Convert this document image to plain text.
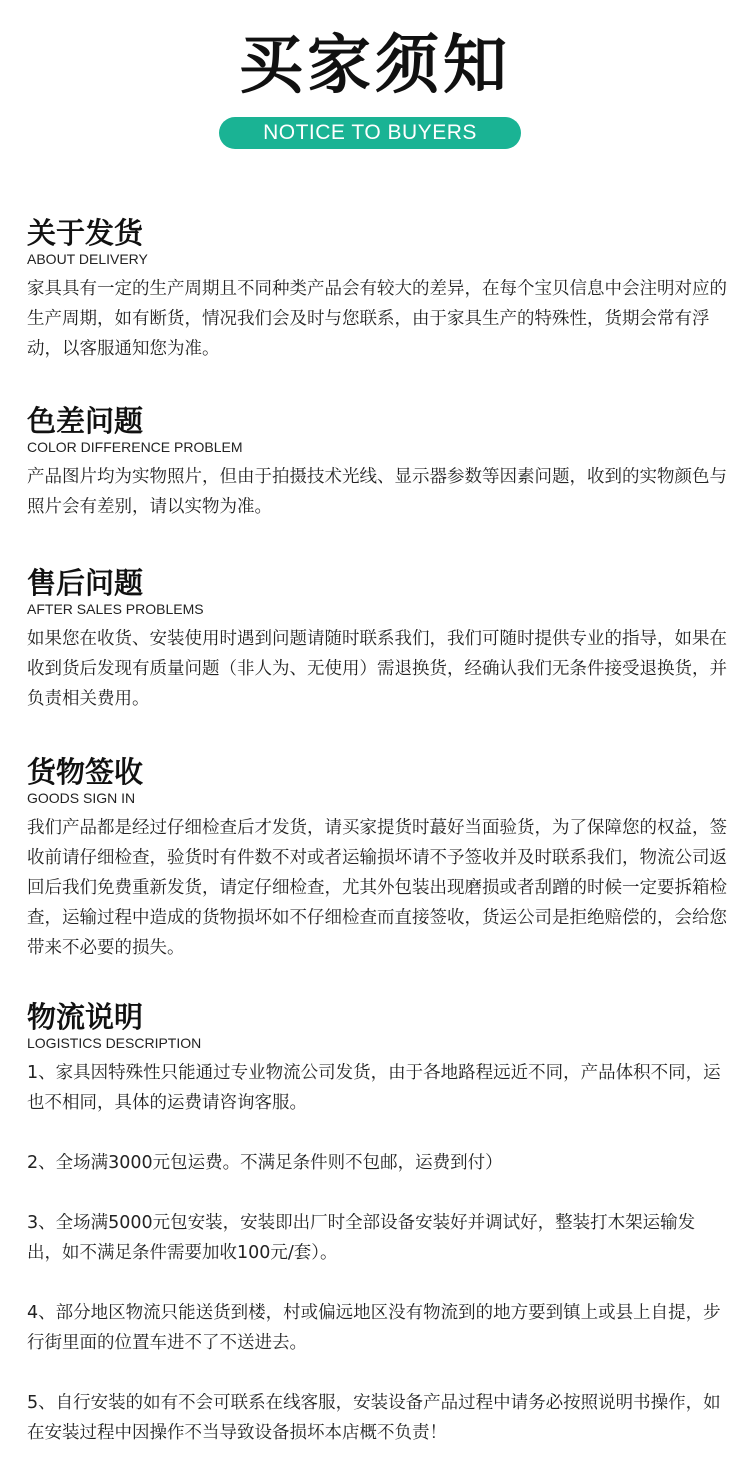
买家须知
NOTICE TO BUYERS
关于发货
ABOUT DELIVERY

家具具有一定的生产周期且不同种类产品会有较大的差异，在每个宝贝信息中会注明对应的生产周期，如有断货，情况我们会及时与您联系，由于家具生产的特殊性，货期会常有浮动，以客服通知您为准。

色差问题
COLOR DIFFERENCE PROBLEM

产品图片均为实物照片，但由于拍摄技术光线、显示器参数等因素问题，收到的实物颜色与照片会有差别，请以实物为准。

售后问题
AFTER SALES PROBLEMS

如果您在收货、安装使用时遇到问题请随时联系我们，我们可随时提供专业的指导，如果在收到货后发现有质量问题（非人为、无使用）需退换货，经确认我们无条件接受退换货，并负责相关费用。

货物签收
GOODS SIGN IN

我们产品都是经过仔细检查后才发货，请买家提货时蕞好当面验货，为了保障您的权益，签收前请仔细检查，验货时有件数不对或者运输损坏请不予签收并及时联系我们，物流公司返回后我们免费重新发货，请定仔细检查，尤其外包装出现磨损或者刮蹭的时候一定要拆箱检查，运输过程中造成的货物损坏如不仔细检查而直接签收，货运公司是拒绝赔偿的，会给您带来不必要的损失。

物流说明
LOGISTICS DESCRIPTION

1、家具因特殊性只能通过专业物流公司发货，由于各地路程远近不同，产品体积不同，运也不相同，具体的运费请咨询客服。

2、全场满3000元包运费。不满足条件则不包邮，运费到付）

3、全场满5000元包安装，安装即出厂时全部设备安装好并调试好，整装打木架运输发出，如不满足条件需要加收100元/套）。

4、部分地区物流只能送货到楼，村或偏远地区没有物流到的地方要到镇上或县上自提，步行街里面的位置车进不了不送进去。

5、自行安装的如有不会可联系在线客服，安装设备产品过程中请务必按照说明书操作，如在安装过程中因操作不当导致设备损坏本店概不负责！
